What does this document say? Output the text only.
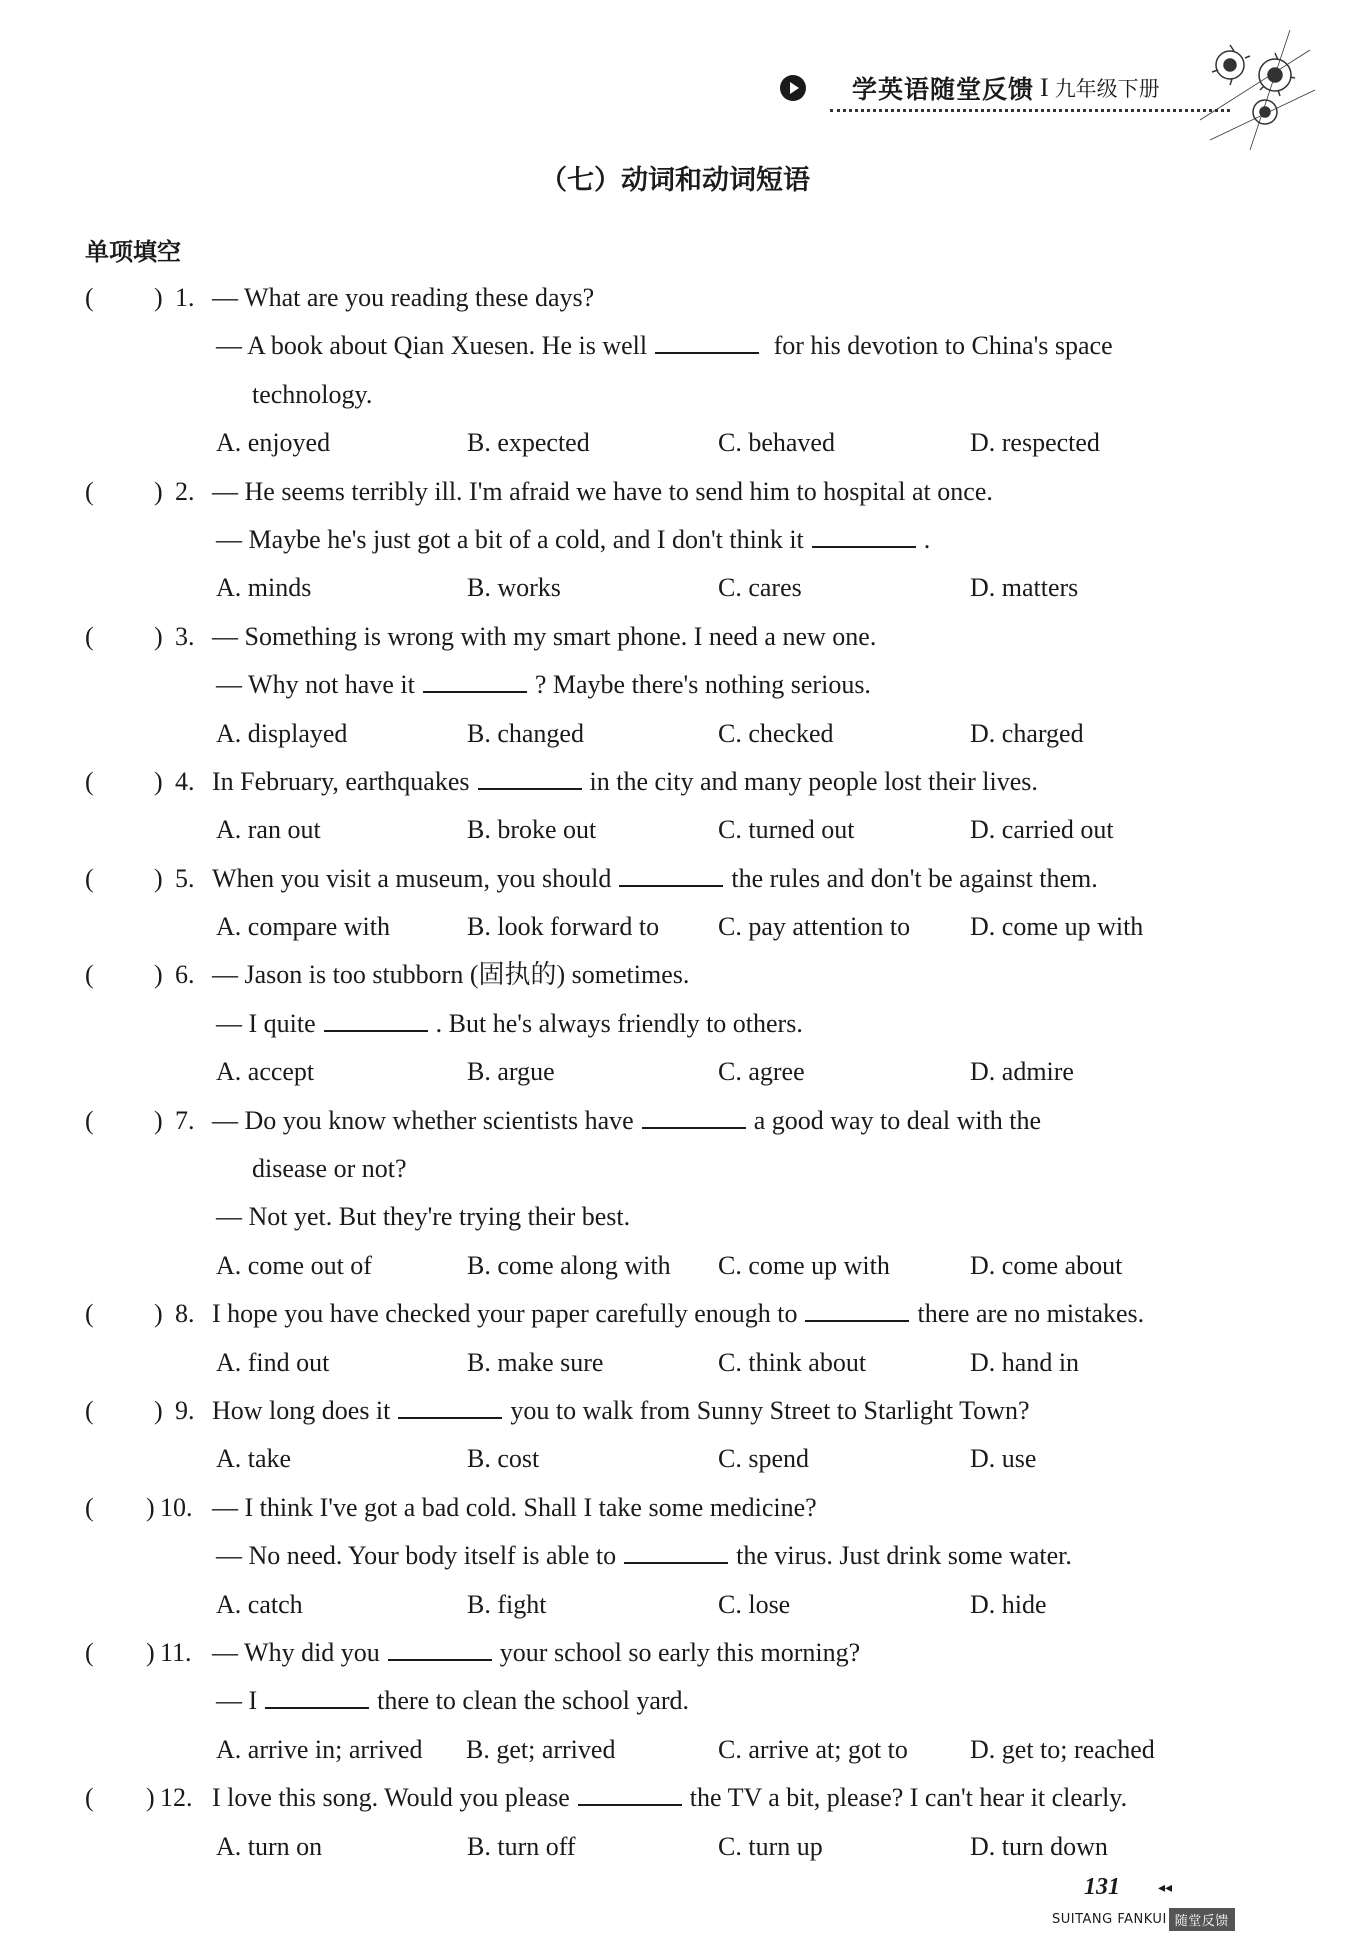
学英语随堂反馈 I 九年级下册
（七）动词和动词短语
单项填空
( ) 1. — What are you reading these days?
— A book about Qian Xuesen. He is well	for his devotion to China's space
technology.
A. enjoyed	B. expected	C. behaved	D. respected
( ) 2. — He seems terribly ill. I'm afraid we have to send him to hospital at once.
— Maybe he's just got a bit of a cold, and I don't think it	.
A. minds	B. works	C. cares	D. matters
( ) 3. — Something is wrong with my smart phone. I need a new one.
— Why not have it	? Maybe there's nothing serious.
A. displayed	B. changed	C. checked	D. charged
( ) 4. In February, earthquakes	in the city and many people lost their lives.
A. ran out	B. broke out	C. turned out	D. carried out
( ) 5. When you visit a museum, you should	the rules and don't be against them.
A. compare with	B. look forward to C. pay attention to D. come up with
( ) 6. — Jason is too stubborn (固执的) sometimes.
— I quite	. But he's always friendly to others.
A. accept	B. argue	C. agree	D. admire
( ) 7. — Do you know whether scientists have	a good way to deal with the
disease or not?
— Not yet. But they're trying their best.
A. come out of	B. come along with C. come up with	D. come about
( ) 8. I hope you have checked your paper carefully enough to	there are no mistakes.
A. find out	B. make sure	C. think about	D. hand in
( ) 9. How long does it	you to walk from Sunny Street to Starlight Town?
A. take	B. cost	C. spend	D. use
( ) 10. — I think I've got a bad cold. Shall I take some medicine?
— No need. Your body itself is able to	the virus. Just drink some water.
A. catch	B. fight	C. lose	D. hide
( ) 11. — Why did you	your school so early this morning?
— I	there to clean the school yard.
A. arrive in; arrived B. get; arrived	C. arrive at; got to D. get to; reached
( ) 12. I love this song. Would you please	the TV a bit, please? I can't hear it clearly.
A. turn on	B. turn off	C. turn up	D. turn down
131	◂◂
SUITANG FANKUI 随堂反馈
